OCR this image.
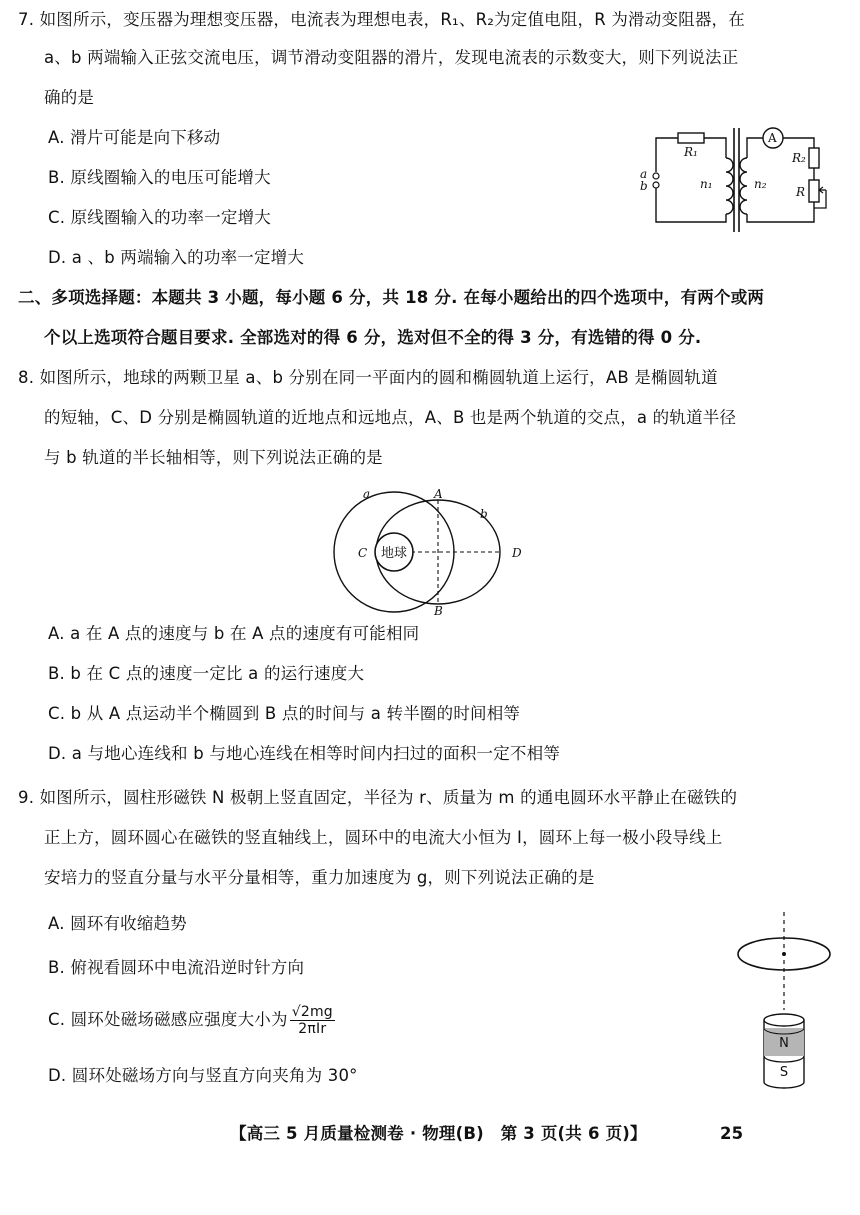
7. 如图所示，变压器为理想变压器，电流表为理想电表，R₁、R₂为定值电阻，R 为滑动变阻器，在
a、b 两端输入正弦交流电压，调节滑动变阻器的滑片，发现电流表的示数变大，则下列说法正
确的是
A. 滑片可能是向下移动
B. 原线圈输入的电压可能增大
C. 原线圈输入的功率一定增大
D. a 、b 两端输入的功率一定增大
R₁	R₂
R
a
b	n₁	n₂
A
二、多项选择题：本题共 3 小题，每小题 6 分，共 18 分. 在每小题给出的四个选项中，有两个或两
个以上选项符合题目要求. 全部选对的得 6 分，选对但不全的得 3 分，有选错的得 0 分.
8. 如图所示，地球的两颗卫星 a、b 分别在同一平面内的圆和椭圆轨道上运行，AB 是椭圆轨道
的短轴，C、D 分别是椭圆轨道的近地点和远地点，A、B 也是两个轨道的交点，a 的轨道半径
与 b 轨道的半长轴相等，则下列说法正确的是
地球
a
b
A
B
C	D
A. a 在 A 点的速度与 b 在 A 点的速度有可能相同
B. b 在 C 点的速度一定比 a 的运行速度大
C. b 从 A 点运动半个椭圆到 B 点的时间与 a 转半圈的时间相等
D. a 与地心连线和 b 与地心连线在相等时间内扫过的面积一定不相等
9. 如图所示，圆柱形磁铁 N 极朝上竖直固定，半径为 r、质量为 m 的通电圆环水平静止在磁铁的
正上方，圆环圆心在磁铁的竖直轴线上，圆环中的电流大小恒为 I，圆环上每一极小段导线上
安培力的竖直分量与水平分量相等，重力加速度为 g，则下列说法正确的是
A. 圆环有收缩趋势
B. 俯视看圆环中电流沿逆时针方向
C. 圆环处磁场磁感应强度大小为 $\frac{√2mg}{\text{2πIr}}$
D. 圆环处磁场方向与竖直方向夹角为 30°
N
S
【高三 5 月质量检测卷 · 物理(B)　第 3 页(共 6 页)】	25
